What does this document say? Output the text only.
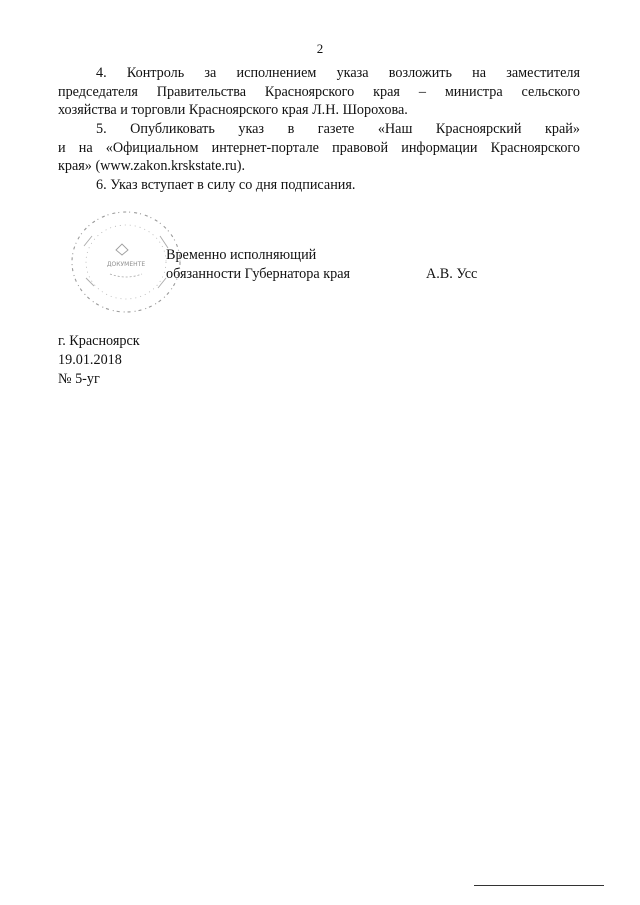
2
4. Контроль за исполнением указа возложить на заместителя
председателя Правительства Красноярского края – министра сельского
хозяйства и торговли Красноярского края Л.Н. Шорохова.
5. Опубликовать указ в газете «Наш Красноярский край»
и на «Официальном интернет-портале правовой информации Красноярского
края» (www.zakon.krskstate.ru).
6. Указ вступает в силу со дня подписания.
ДОКУМЕНТЕ
Временно исполняющий
обязанности Губернатора края	А.В. Усс
г. Красноярск
19.01.2018
№ 5-уг
